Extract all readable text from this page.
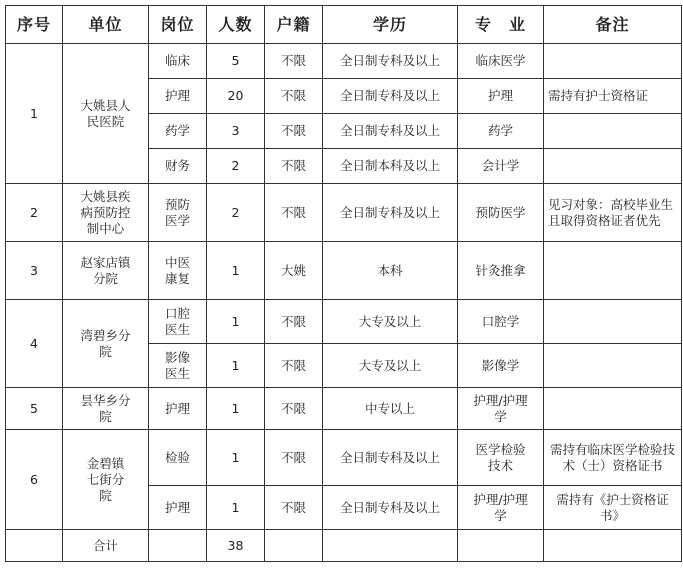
序号	单位	岗位	人数	户籍	学历	专　业	备注
1	大姚县人民医院	临床	5	不限	全日制专科及以上	临床医学	
		护理	20	不限	全日制专科及以上	护理	需持有护士资格证
		药学	3	不限	全日制专科及以上	药学	
		财务	2	不限	全日制本科及以上	会计学	
2	大姚县疾病预防控制中心	预防医学	2	不限	全日制专科及以上	预防医学	见习对象：高校毕业生且取得资格证者优先
3	赵家店镇分院	中医康复	1	大姚	本科	针灸推拿	
4	湾碧乡分院	口腔医生	1	不限	大专及以上	口腔学	
		影像医生	1	不限	大专及以上	影像学	
5	昙华乡分院	护理	1	不限	中专以上	护理/护理学	
6	金碧镇七街分院	检验	1	不限	全日制专科及以上	医学检验技术	需持有临床医学检验技术（士）资格证书
		护理	1	不限	全日制专科及以上	护理/护理学	需持有《护士资格证书》
	合计		38				
